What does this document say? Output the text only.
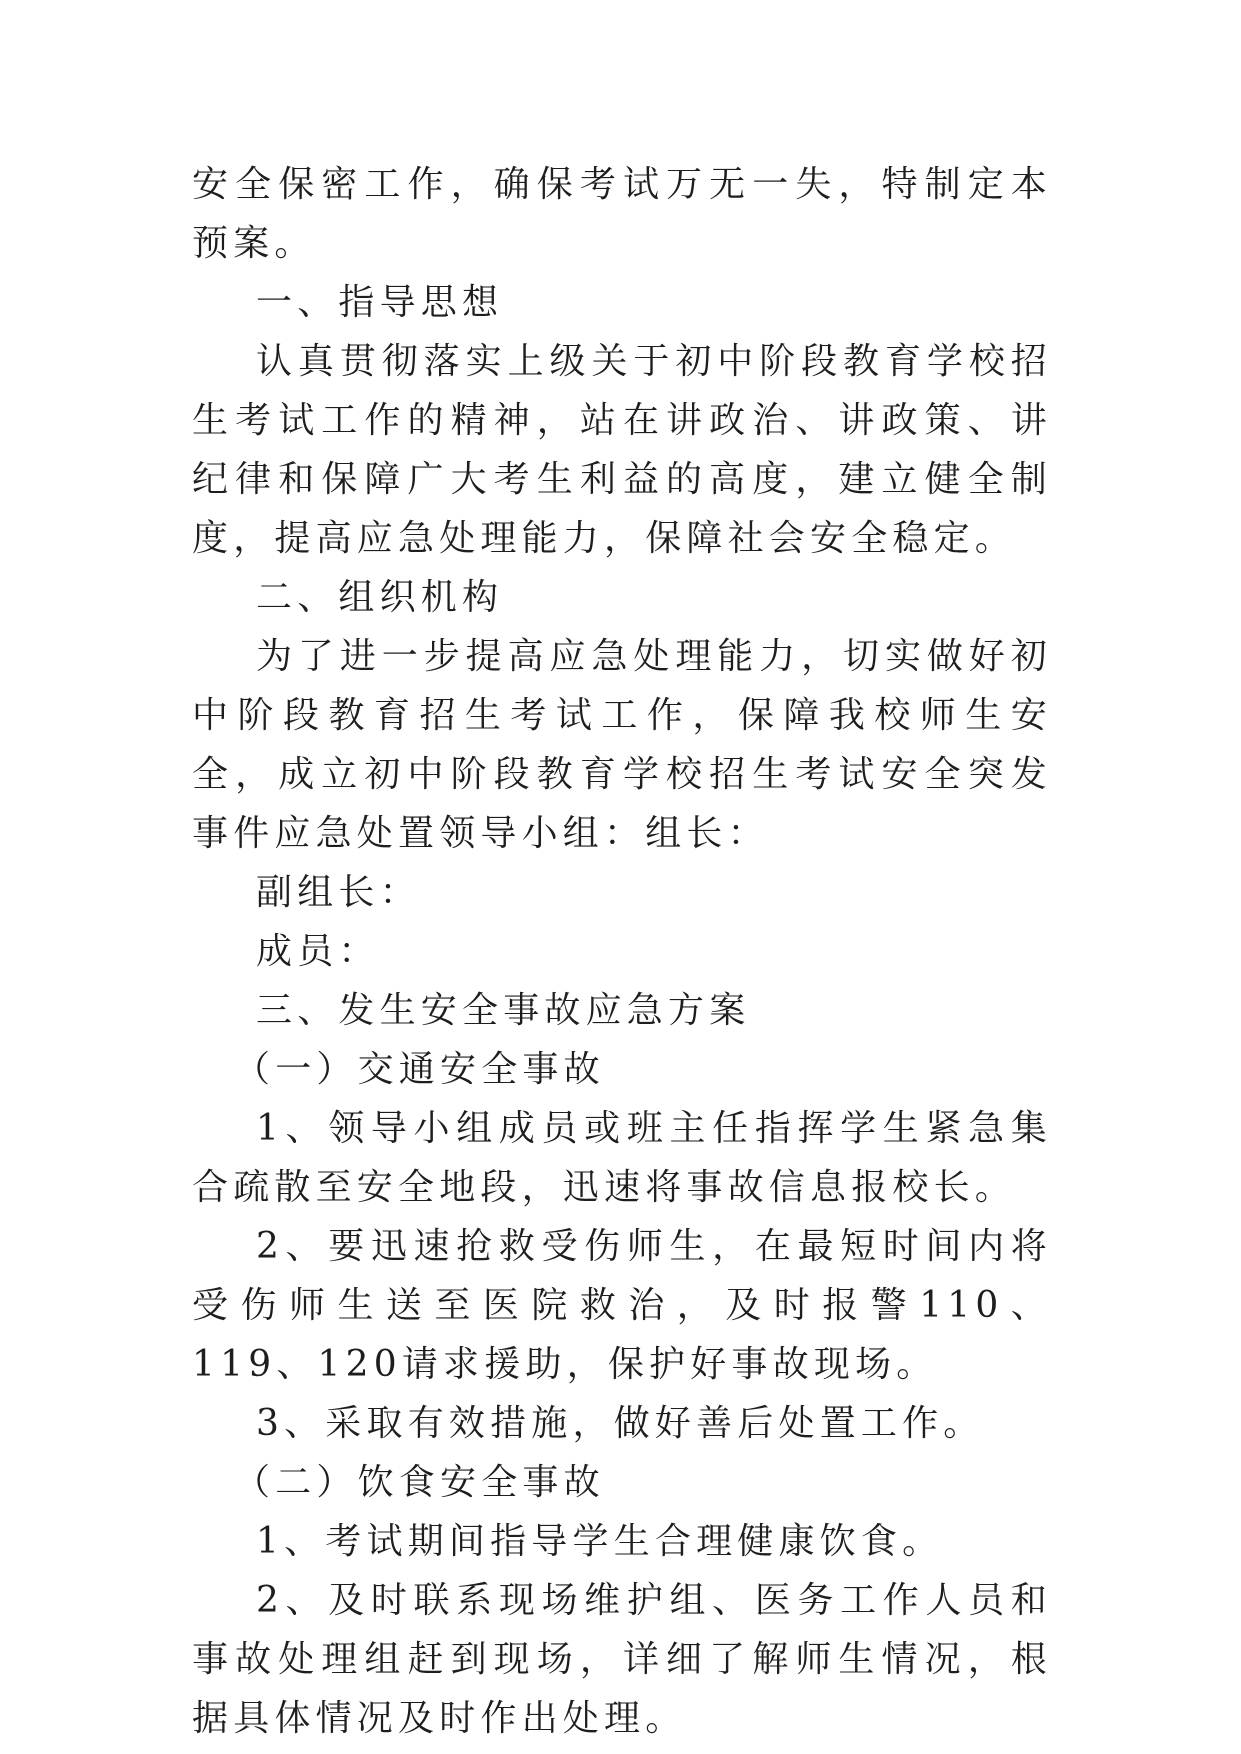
安全保密工作，确保考试万无一失，特制定本预案。

一、指导思想

认真贯彻落实上级关于初中阶段教育学校招生考试工作的精神，站在讲政治、讲政策、讲纪律和保障广大考生利益的高度，建立健全制度，提高应急处理能力，保障社会安全稳定。

二、组织机构

为了进一步提高应急处理能力，切实做好初中阶段教育招生考试工作，保障我校师生安全，成立初中阶段教育学校招生考试安全突发事件应急处置领导小组：组长：

副组长：

成员：

三、发生安全事故应急方案

（一）交通安全事故

1、领导小组成员或班主任指挥学生紧急集合疏散至安全地段，迅速将事故信息报校长。

2、要迅速抢救受伤师生，在最短时间内将受伤师生送至医院救治，及时报警110、119、120请求援助，保护好事故现场。

3、采取有效措施，做好善后处置工作。

（二）饮食安全事故

1、考试期间指导学生合理健康饮食。

2、及时联系现场维护组、医务工作人员和事故处理组赶到现场，详细了解师生情况，根据具体情况及时作出处理。
